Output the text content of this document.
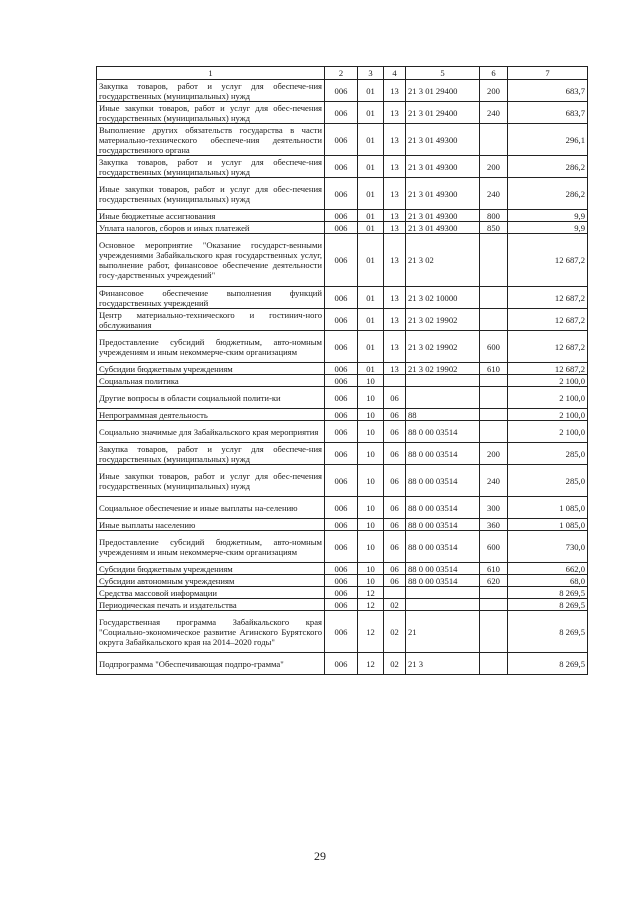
1	2	3	4	5	6	7
Закупка товаров, работ и услуг для обеспече-ния государственных (муниципальных) нужд	006	01	13	21 3 01 29400	200	683,7
Иные закупки товаров, работ и услуг для обес-печения государственных (муниципальных) нужд	006	01	13	21 3 01 29400	240	683,7
Выполнение других обязательств государства в части материально-технического обеспече-ния деятельности государственного органа	006	01	13	21 3 01 49300		296,1
Закупка товаров, работ и услуг для обеспече-ния государственных (муниципальных) нужд	006	01	13	21 3 01 49300	200	286,2
Иные закупки товаров, работ и услуг для обес-печения государственных (муниципальных) нужд	006	01	13	21 3 01 49300	240	286,2
Иные бюджетные ассигнования	006	01	13	21 3 01 49300	800	9,9
Уплата налогов, сборов и иных платежей	006	01	13	21 3 01 49300	850	9,9
Основное мероприятие "Оказание государст-венными учреждениями Забайкальского края государственных услуг, выполнение работ, финансовое обеспечение деятельности госу-дарственных учреждений"	006	01	13	21 3 02		12 687,2
Финансовое обеспечение выполнения функций государственных учреждений	006	01	13	21 3 02 10000		12 687,2
Центр материально-технического и гостинич-ного обслуживания	006	01	13	21 3 02 19902		12 687,2
Предоставление субсидий бюджетным, авто-номным учреждениям и иным некоммерче-ским организациям	006	01	13	21 3 02 19902	600	12 687,2
Субсидии бюджетным учреждениям	006	01	13	21 3 02 19902	610	12 687,2
Социальная политика	006	10				2 100,0
Другие вопросы в области социальной полити-ки	006	10	06			2 100,0
Непрограммная деятельность	006	10	06	88		2 100,0
Социально значимые для Забайкальского края мероприятия	006	10	06	88 0 00 03514		2 100,0
Закупка товаров, работ и услуг для обеспече-ния государственных (муниципальных) нужд	006	10	06	88 0 00 03514	200	285,0
Иные закупки товаров, работ и услуг для обес-печения государственных (муниципальных) нужд	006	10	06	88 0 00 03514	240	285,0
Социальное обеспечение и иные выплаты на-селению	006	10	06	88 0 00 03514	300	1 085,0
Иные выплаты населению	006	10	06	88 0 00 03514	360	1 085,0
Предоставление субсидий бюджетным, авто-номным учреждениям и иным некоммерче-ским организациям	006	10	06	88 0 00 03514	600	730,0
Субсидии бюджетным учреждениям	006	10	06	88 0 00 03514	610	662,0
Субсидии автономным учреждениям	006	10	06	88 0 00 03514	620	68,0
Средства массовой информации	006	12				8 269,5
Периодическая печать и издательства	006	12	02			8 269,5
Государственная программа Забайкальского края "Социально-экономическое развитие Агинского Бурятского округа Забайкальского края на 2014–2020 годы"	006	12	02	21		8 269,5
Подпрограмма "Обеспечивающая подпро-грамма"	006	12	02	21 3		8 269,5
29
